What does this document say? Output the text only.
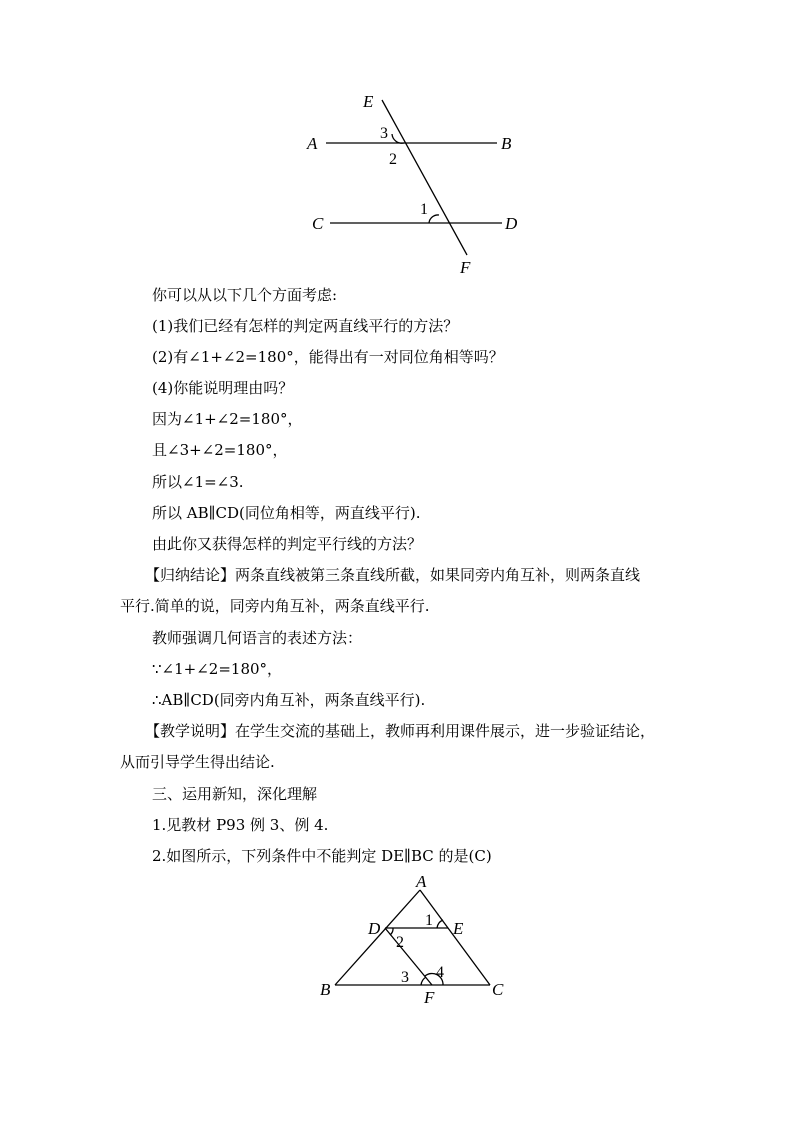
E
A	B
C	D
F
3
2
1
你可以从以下几个方面考虑:
(1)我们已经有怎样的判定两直线平行的方法？
(2)有∠1+∠2=180°，能得出有一对同位角相等吗？
(4)你能说明理由吗？
因为∠1+∠2=180°，
且∠3+∠2=180°，
所以∠1=∠3.
所以 AB∥CD(同位角相等，两直线平行).
由此你又获得怎样的判定平行线的方法？
【归纳结论】两条直线被第三条直线所截，如果同旁内角互补，则两条直线
平行.简单的说，同旁内角互补，两条直线平行.
教师强调几何语言的表述方法：
∵∠1+∠2=180°，
∴AB∥CD(同旁内角互补，两条直线平行).
【教学说明】在学生交流的基础上，教师再利用课件展示，进一步验证结论，
从而引导学生得出结论.
三、运用新知，深化理解
1.见教材 P93 例 3、例 4.
2.如图所示，下列条件中不能判定 DE∥BC 的是(C)
A
B	C
D	E
F
1
2
3 4
